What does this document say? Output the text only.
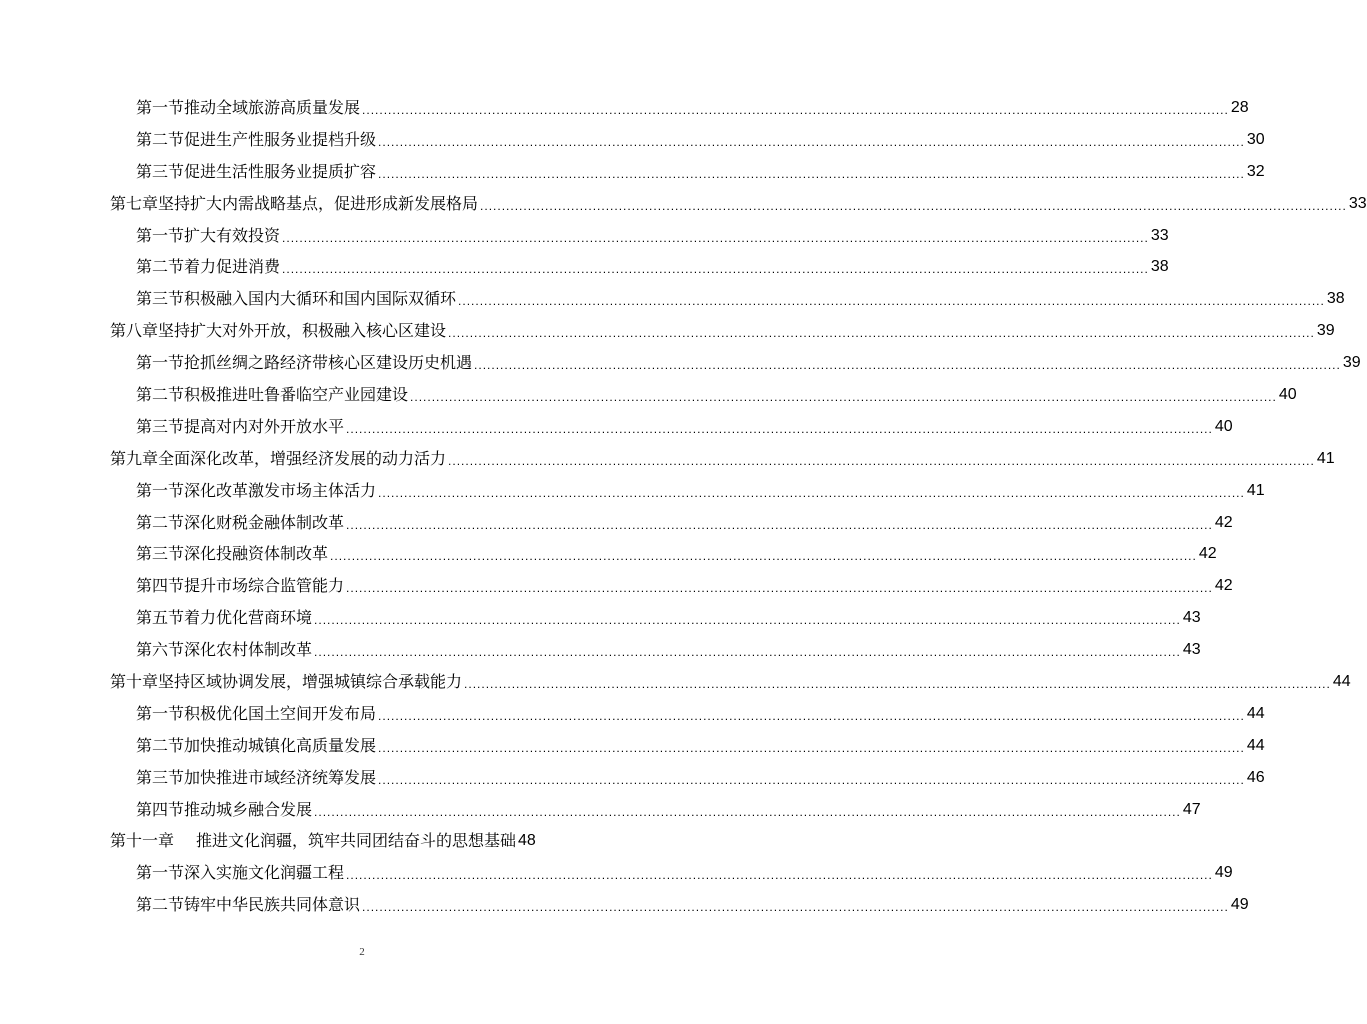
第一节 推动全域旅游高质量发展 ........................................................................................................................................................................................................ 28
第二节 促进生产性服务业提档升级 ........................................................................................................................................................................................................ 30
第三节 促进生活性服务业提质扩容 ........................................................................................................................................................................................................ 32
第七章 坚持扩大内需战略基点，促进形成新发展格局 ........................................................................................................................................................................................................ 33
第一节 扩大有效投资 ........................................................................................................................................................................................................ 33
第二节 着力促进消费 ........................................................................................................................................................................................................ 38
第三节 积极融入国内大循环和国内国际双循环 ........................................................................................................................................................................................................ 38
第八章 坚持扩大对外开放，积极融入核心区建设 ........................................................................................................................................................................................................ 39
第一节 抢抓丝绸之路经济带核心区建设历史机遇 ........................................................................................................................................................................................................ 39
第二节 积极推进吐鲁番临空产业园建设 ........................................................................................................................................................................................................ 40
第三节 提高对内对外开放水平 ........................................................................................................................................................................................................ 40
第九章 全面深化改革，增强经济发展的动力活力 ........................................................................................................................................................................................................ 41
第一节 深化改革激发市场主体活力 ........................................................................................................................................................................................................ 41
第二节 深化财税金融体制改革 ........................................................................................................................................................................................................ 42
第三节 深化投融资体制改革 ........................................................................................................................................................................................................ 42
第四节 提升市场综合监管能力 ........................................................................................................................................................................................................ 42
第五节 着力优化营商环境 ........................................................................................................................................................................................................ 43
第六节 深化农村体制改革 ........................................................................................................................................................................................................ 43
第十章 坚持区域协调发展，增强城镇综合承载能力 ........................................................................................................................................................................................................ 44
第一节 积极优化国土空间开发布局 ........................................................................................................................................................................................................ 44
第二节 加快推动城镇化高质量发展 ........................................................................................................................................................................................................ 44
第三节 加快推进市域经济统筹发展 ........................................................................................................................................................................................................ 46
第四节 推动城乡融合发展 ........................................................................................................................................................................................................ 47
第十一章 推进文化润疆，筑牢共同团结奋斗的思想基础 48
第一节 深入实施文化润疆工程 ........................................................................................................................................................................................................ 49
第二节 铸牢中华民族共同体意识 ........................................................................................................................................................................................................ 49
2
